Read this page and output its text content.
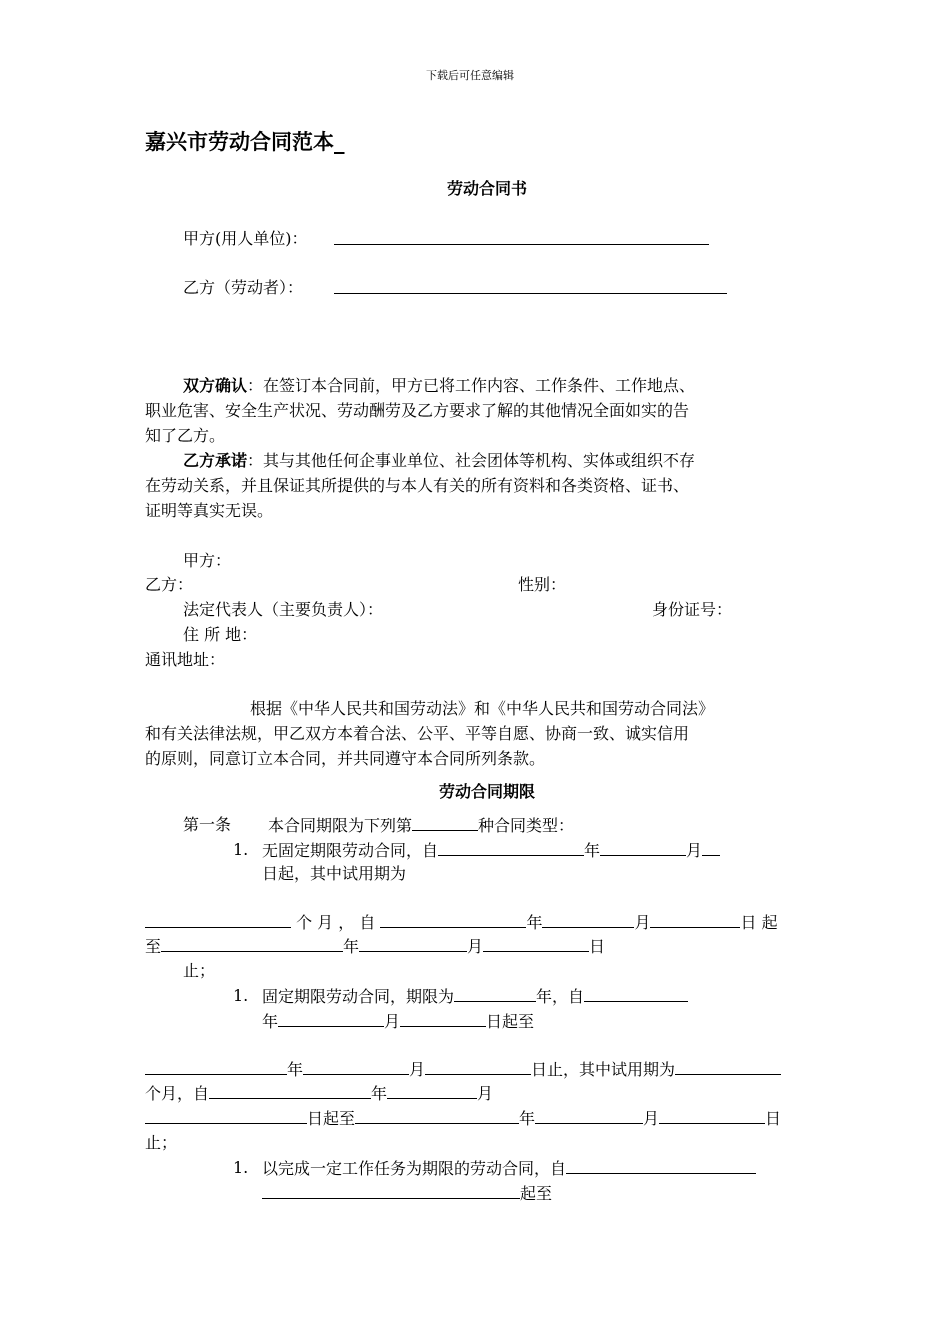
下载后可任意编辑
嘉兴市劳动合同范本_
劳动合同书
甲方(用人单位)：
乙方（劳动者）：
双方确认：在签订本合同前，甲方已将工作内容、工作条件、工作地点、
职业危害、安全生产状况、劳动酬劳及乙方要求了解的其他情况全面如实的告
知了乙方。
乙方承诺：其与其他任何企事业单位、社会团体等机构、实体或组织不存
在劳动关系，并且保证其所提供的与本人有关的所有资料和各类资格、证书、
证明等真实无误。
甲方：
乙方：	性别：
法定代表人（主要负责人）：	身份证号：
住 所 地：
通讯地址：
根据《中华人民共和国劳动法》和《中华人民共和国劳动合同法》
和有关法律法规，甲乙双方本着合法、公平、平等自愿、协商一致、诚实信用
的原则，同意订立本合同，并共同遵守本合同所列条款。
劳动合同期限
第一条 本合同期限为下列第	种合同类型：
1. 无固定期限劳动合同，自	年	月
日起，其中试用期为
个 月 ， 自	年	月	日 起
至	年	月	日
止；
1. 固定期限劳动合同，期限为	年，自
年	月	日起至
年	月	日止，其中试用期为
个月，自	年	月
日起至	年	月	日
止；
1. 以完成一定工作任务为期限的劳动合同，自
起至
